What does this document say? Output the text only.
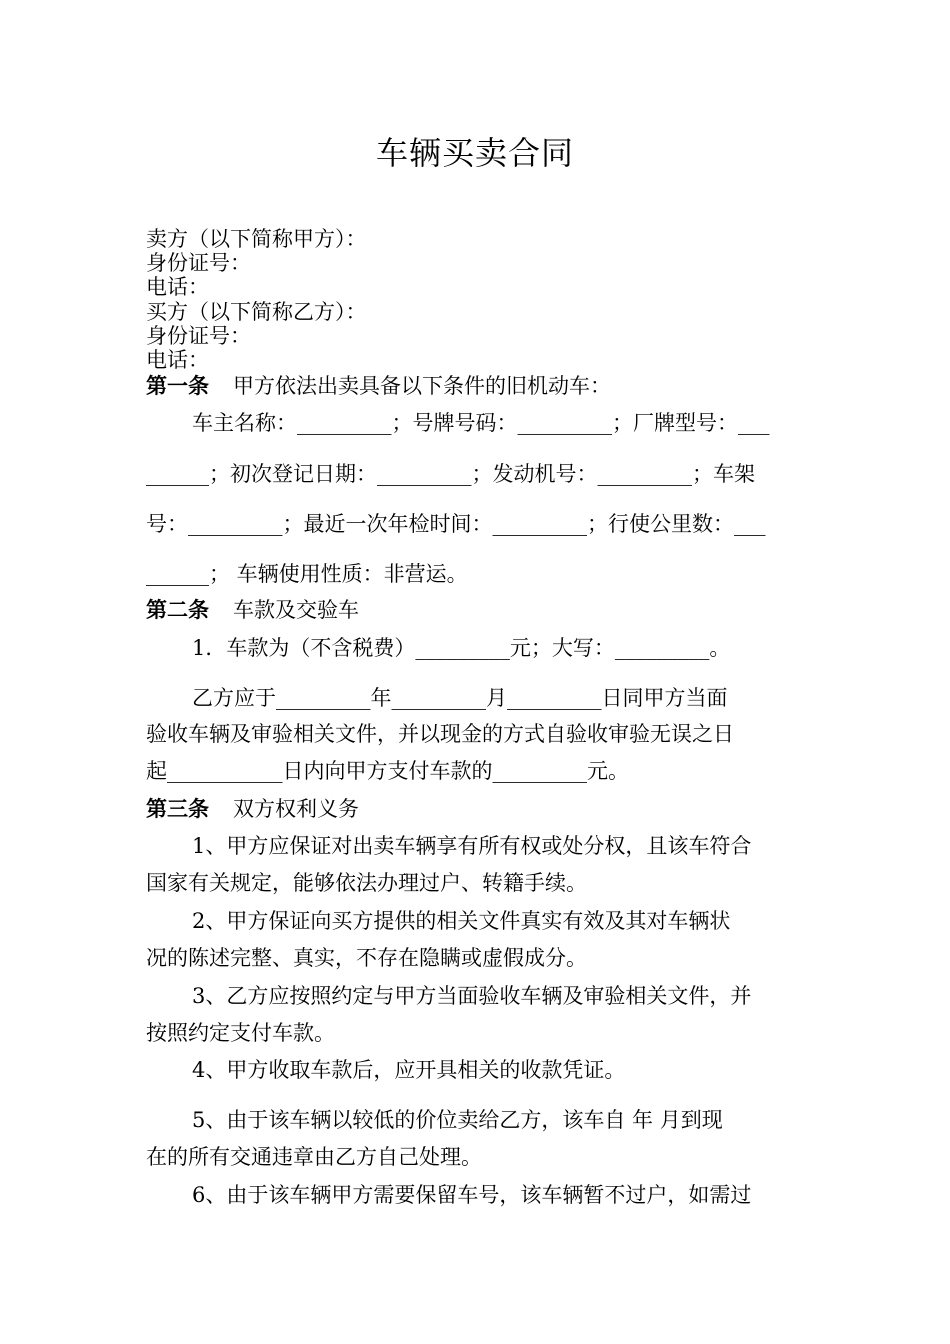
车辆买卖合同
卖方（以下简称甲方）：
身份证号：
电话：
买方（以下简称乙方）：
身份证号：
电话：
第一条 甲方依法出卖具备以下条件的旧机动车：
车主名称：_________；号牌号码：_________；厂牌型号：___
______；初次登记日期：_________；发动机号：_________；车架
号：_________；最近一次年检时间：_________；行使公里数：___
______； 车辆使用性质：非营运。
第二条 车款及交验车
1．车款为（不含税费）_________元；大写：_________。
乙方应于_________年_________月_________日同甲方当面
验收车辆及审验相关文件，并以现金的方式自验收审验无误之日
起___________日内向甲方支付车款的_________元。
第三条 双方权利义务
1、甲方应保证对出卖车辆享有所有权或处分权，且该车符合
国家有关规定，能够依法办理过户、转籍手续。
2、甲方保证向买方提供的相关文件真实有效及其对车辆状
况的陈述完整、真实，不存在隐瞒或虚假成分。
3、乙方应按照约定与甲方当面验收车辆及审验相关文件，并
按照约定支付车款。
4、甲方收取车款后，应开具相关的收款凭证。
5、由于该车辆以较低的价位卖给乙方，该车自 年 月到现
在的所有交通违章由乙方自己处理。
6、由于该车辆甲方需要保留车号，该车辆暂不过户，如需过
